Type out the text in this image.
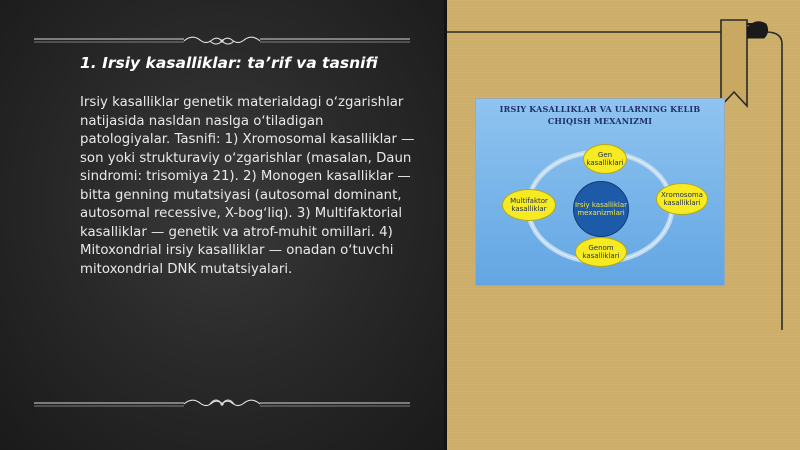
1. Irsiy kasalliklar: taʼrif va tasnifi
Irsiy kasalliklar genetik materialdagi oʻzgarishlar natijasida nasldan naslga oʻtiladigan patologiyalar. Tasnifi: 1) Xromosomal kasalliklar — son yoki strukturaviy oʻzgarishlar (masalan, Daun sindromi: trisomiya 21). 2) Monogen kasalliklar — bitta genning mutatsiyasi (autosomal dominant, autosomal recessive, X-bogʻliq). 3) Multifaktorial kasalliklar — genetik va atrof-muhit omillari. 4) Mitoxondrial irsiy kasalliklar — onadan oʻtuvchi mitoxondrial DNK mutatsiyalari.
IRSIY KASALLIKLAR VA ULARNING KELIB
CHIQISH MEXANIZMI
Irsiy kasalliklar mexanizmlari
Gen kasalliklari
Xromosoma kasalliklari
Genom kasalliklari
Multifaktor kasalliklar
